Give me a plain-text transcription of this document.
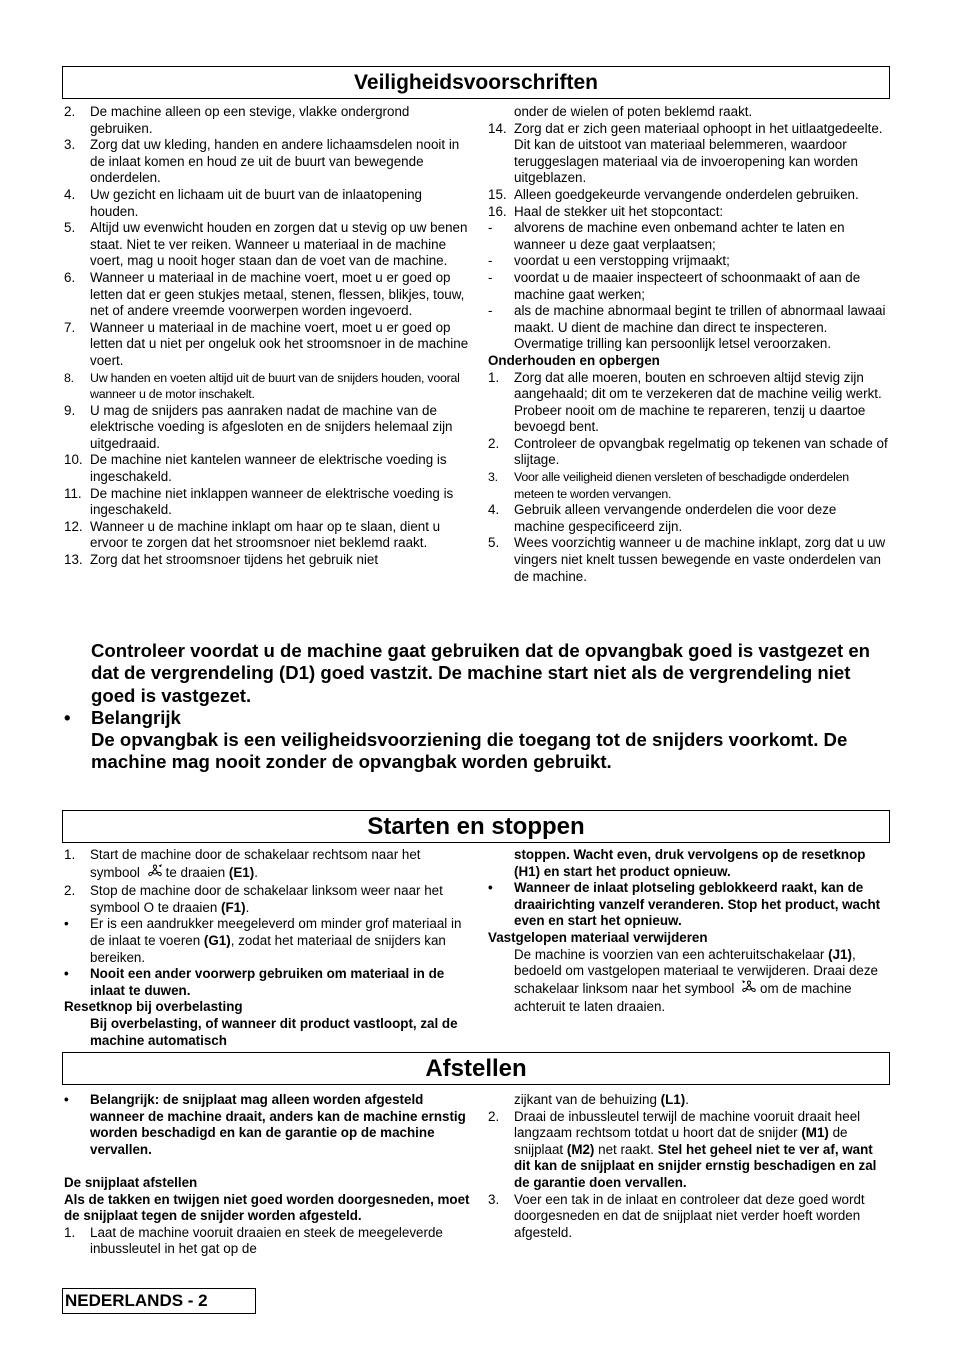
Veiligheidsvoorschriften
2. De machine alleen op een stevige, vlakke ondergrond gebruiken.
3. Zorg dat uw kleding, handen en andere lichaamsdelen nooit in de inlaat komen en houd ze uit de buurt van bewegende onderdelen.
4. Uw gezicht en lichaam uit de buurt van de inlaatopening houden.
5. Altijd uw evenwicht houden en zorgen dat u stevig op uw benen staat. Niet te ver reiken. Wanneer u materiaal in de machine voert, mag u nooit hoger staan dan de voet van de machine.
6. Wanneer u materiaal in de machine voert, moet u er goed op letten dat er geen stukjes metaal, stenen, flessen, blikjes, touw, net of andere vreemde voorwerpen worden ingevoerd.
7. Wanneer u materiaal in de machine voert, moet u er goed op letten dat u niet per ongeluk ook het stroomsnoer in de machine voert.
8. Uw handen en voeten altijd uit de buurt van de snijders houden, vooral wanneer u de motor inschakelt.
9. U mag de snijders pas aanraken nadat de machine van de elektrische voeding is afgesloten en de snijders helemaal zijn uitgedraaid.
10. De machine niet kantelen wanneer de elektrische voeding is ingeschakeld.
11. De machine niet inklappen wanneer de elektrische voeding is ingeschakeld.
12. Wanneer u de machine inklapt om haar op te slaan, dient u ervoor te zorgen dat het stroomsnoer niet beklemd raakt.
13. Zorg dat het stroomsnoer tijdens het gebruik niet
onder de wielen of poten beklemd raakt.
14. Zorg dat er zich geen materiaal ophoopt in het uitlaatgedeelte. Dit kan de uitstoot van materiaal belemmeren, waardoor teruggeslagen materiaal via de invoeropening kan worden uitgeblazen.
15. Alleen goedgekeurde vervangende onderdelen gebruiken.
16. Haal de stekker uit het stopcontact:
- alvorens de machine even onbemand achter te laten en wanneer u deze gaat verplaatsen;
- voordat u een verstopping vrijmaakt;
- voordat u de maaier inspecteert of schoonmaakt of aan de machine gaat werken;
- als de machine abnormaal begint te trillen of abnormaal lawaai maakt. U dient de machine dan direct te inspecteren. Overmatige trilling kan persoonlijk letsel veroorzaken.
Onderhouden en opbergen
1. Zorg dat alle moeren, bouten en schroeven altijd stevig zijn aangehaald; dit om te verzekeren dat de machine veilig werkt. Probeer nooit om de machine te repareren, tenzij u daartoe bevoegd bent.
2. Controleer de opvangbak regelmatig op tekenen van schade of slijtage.
3. Voor alle veiligheid dienen versleten of beschadigde onderdelen meteen te worden vervangen.
4. Gebruik alleen vervangende onderdelen die voor deze machine gespecificeerd zijn.
5. Wees voorzichtig wanneer u de machine inklapt, zorg dat u uw vingers niet knelt tussen bewegende en vaste onderdelen van de machine.
Controleer voordat u de machine gaat gebruiken dat de opvangbak goed is vastgezet en dat de vergrendeling (D1) goed vastzit. De machine start niet als de vergrendeling niet goed is vastgezet.
• Belangrijk
De opvangbak is een veiligheidsvoorziening die toegang tot de snijders voorkomt. De machine mag nooit zonder de opvangbak worden gebruikt.
Starten en stoppen
1. Start de machine door de schakelaar rechtsom naar het symbool te draaien (E1).
2. Stop de machine door de schakelaar linksom weer naar het symbool O te draaien (F1).
• Er is een aandrukker meegeleverd om minder grof materiaal in de inlaat te voeren (G1), zodat het materiaal de snijders kan bereiken.
• Nooit een ander voorwerp gebruiken om materiaal in de inlaat te duwen.
Resetknop bij overbelasting
Bij overbelasting, of wanneer dit product vastloopt, zal de machine automatisch
stoppen. Wacht even, druk vervolgens op de resetknop (H1) en start het product opnieuw.
• Wanneer de inlaat plotseling geblokkeerd raakt, kan de draairichting vanzelf veranderen. Stop het product, wacht even en start het opnieuw.
Vastgelopen materiaal verwijderen
De machine is voorzien van een achteruitschakelaar (J1), bedoeld om vastgelopen materiaal te verwijderen. Draai deze schakelaar linksom naar het symbool om de machine achteruit te laten draaien.
Afstellen
• Belangrijk: de snijplaat mag alleen worden afgesteld wanneer de machine draait, anders kan de machine ernstig worden beschadigd en kan de garantie op de machine vervallen.
De snijplaat afstellen
Als de takken en twijgen niet goed worden doorgesneden, moet de snijplaat tegen de snijder worden afgesteld.
1. Laat de machine vooruit draaien en steek de meegeleverde inbussleutel in het gat op de
zijkant van de behuizing (L1).
2. Draai de inbussleutel terwijl de machine vooruit draait heel langzaam rechtsom totdat u hoort dat de snijder (M1) de snijplaat (M2) net raakt. Stel het geheel niet te ver af, want dit kan de snijplaat en snijder ernstig beschadigen en zal de garantie doen vervallen.
3. Voer een tak in de inlaat en controleer dat deze goed wordt doorgesneden en dat de snijplaat niet verder hoeft worden afgesteld.
NEDERLANDS - 2
